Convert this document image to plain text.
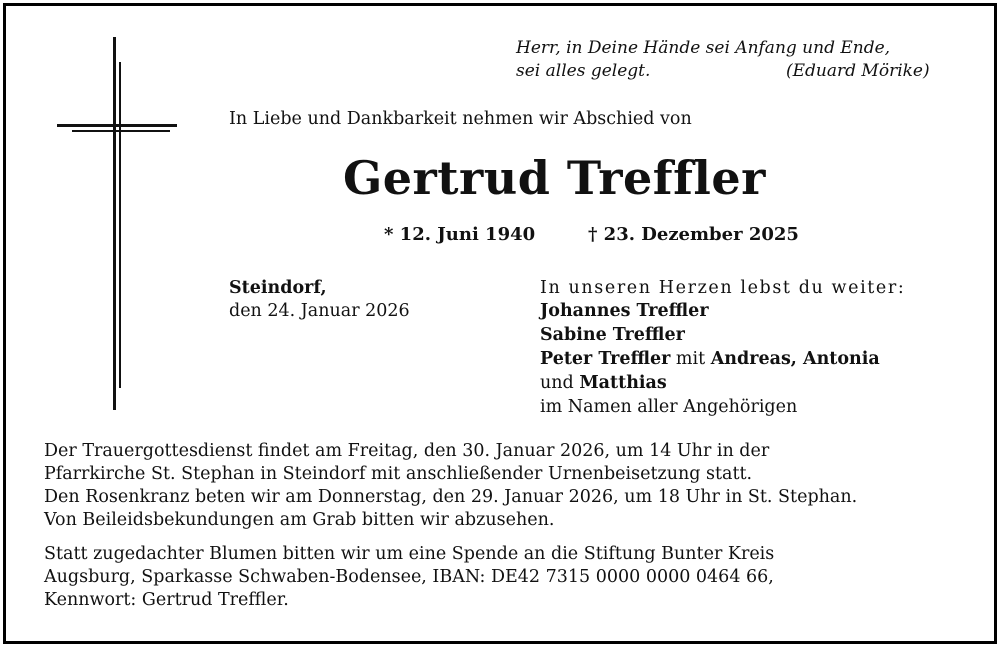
Herr, in Deine Hände sei Anfang und Ende,
sei alles gelegt.	(Eduard Mörike)
In Liebe und Dankbarkeit nehmen wir Abschied von
Gertrud Treffler
* 12. Juni 1940	† 23. Dezember 2025
Steindorf,
den 24. Januar 2026
In unseren Herzen lebst du weiter:
Johannes Treffler
Sabine Treffler
Peter Treffler mit Andreas, Antonia
und Matthias
im Namen aller Angehörigen
Der Trauergottesdienst findet am Freitag, den 30. Januar 2026, um 14 Uhr in der
Pfarrkirche St. Stephan in Steindorf mit anschließender Urnenbeisetzung statt.
Den Rosenkranz beten wir am Donnerstag, den 29. Januar 2026, um 18 Uhr in St. Stephan.
Von Beileidsbekundungen am Grab bitten wir abzusehen.
Statt zugedachter Blumen bitten wir um eine Spende an die Stiftung Bunter Kreis
Augsburg, Sparkasse Schwaben-Bodensee, IBAN: DE42 7315 0000 0000 0464 66,
Kennwort: Gertrud Treffler.
